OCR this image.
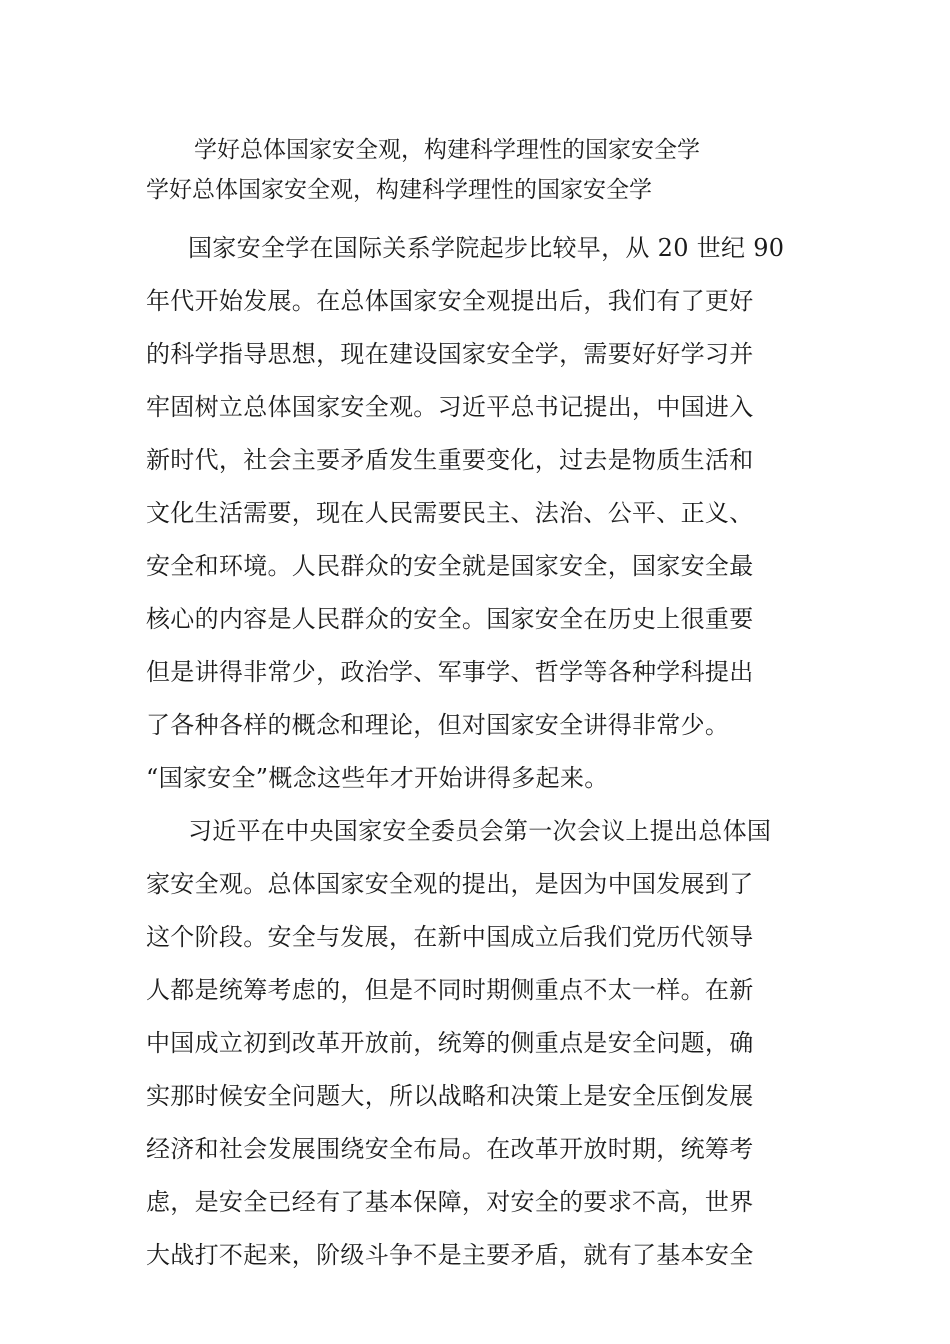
学好总体国家安全观，构建科学理性的国家安全学
学好总体国家安全观，构建科学理性的国家安全学
国家安全学在国际关系学院起步比较早，从 20 世纪 90
年代开始发展。在总体国家安全观提出后，我们有了更好
的科学指导思想，现在建设国家安全学，需要好好学习并
牢固树立总体国家安全观。习近平总书记提出，中国进入
新时代，社会主要矛盾发生重要变化，过去是物质生活和
文化生活需要，现在人民需要民主、法治、公平、正义、
安全和环境。人民群众的安全就是国家安全，国家安全最
核心的内容是人民群众的安全。国家安全在历史上很重要
但是讲得非常少，政治学、军事学、哲学等各种学科提出
了各种各样的概念和理论，但对国家安全讲得非常少。
“国家安全”概念这些年才开始讲得多起来。
习近平在中央国家安全委员会第一次会议上提出总体国
家安全观。总体国家安全观的提出，是因为中国发展到了
这个阶段。安全与发展，在新中国成立后我们党历代领导
人都是统筹考虑的，但是不同时期侧重点不太一样。在新
中国成立初到改革开放前，统筹的侧重点是安全问题，确
实那时候安全问题大，所以战略和决策上是安全压倒发展
经济和社会发展围绕安全布局。在改革开放时期，统筹考
虑，是安全已经有了基本保障，对安全的要求不高，世界
大战打不起来，阶级斗争不是主要矛盾，就有了基本安全
